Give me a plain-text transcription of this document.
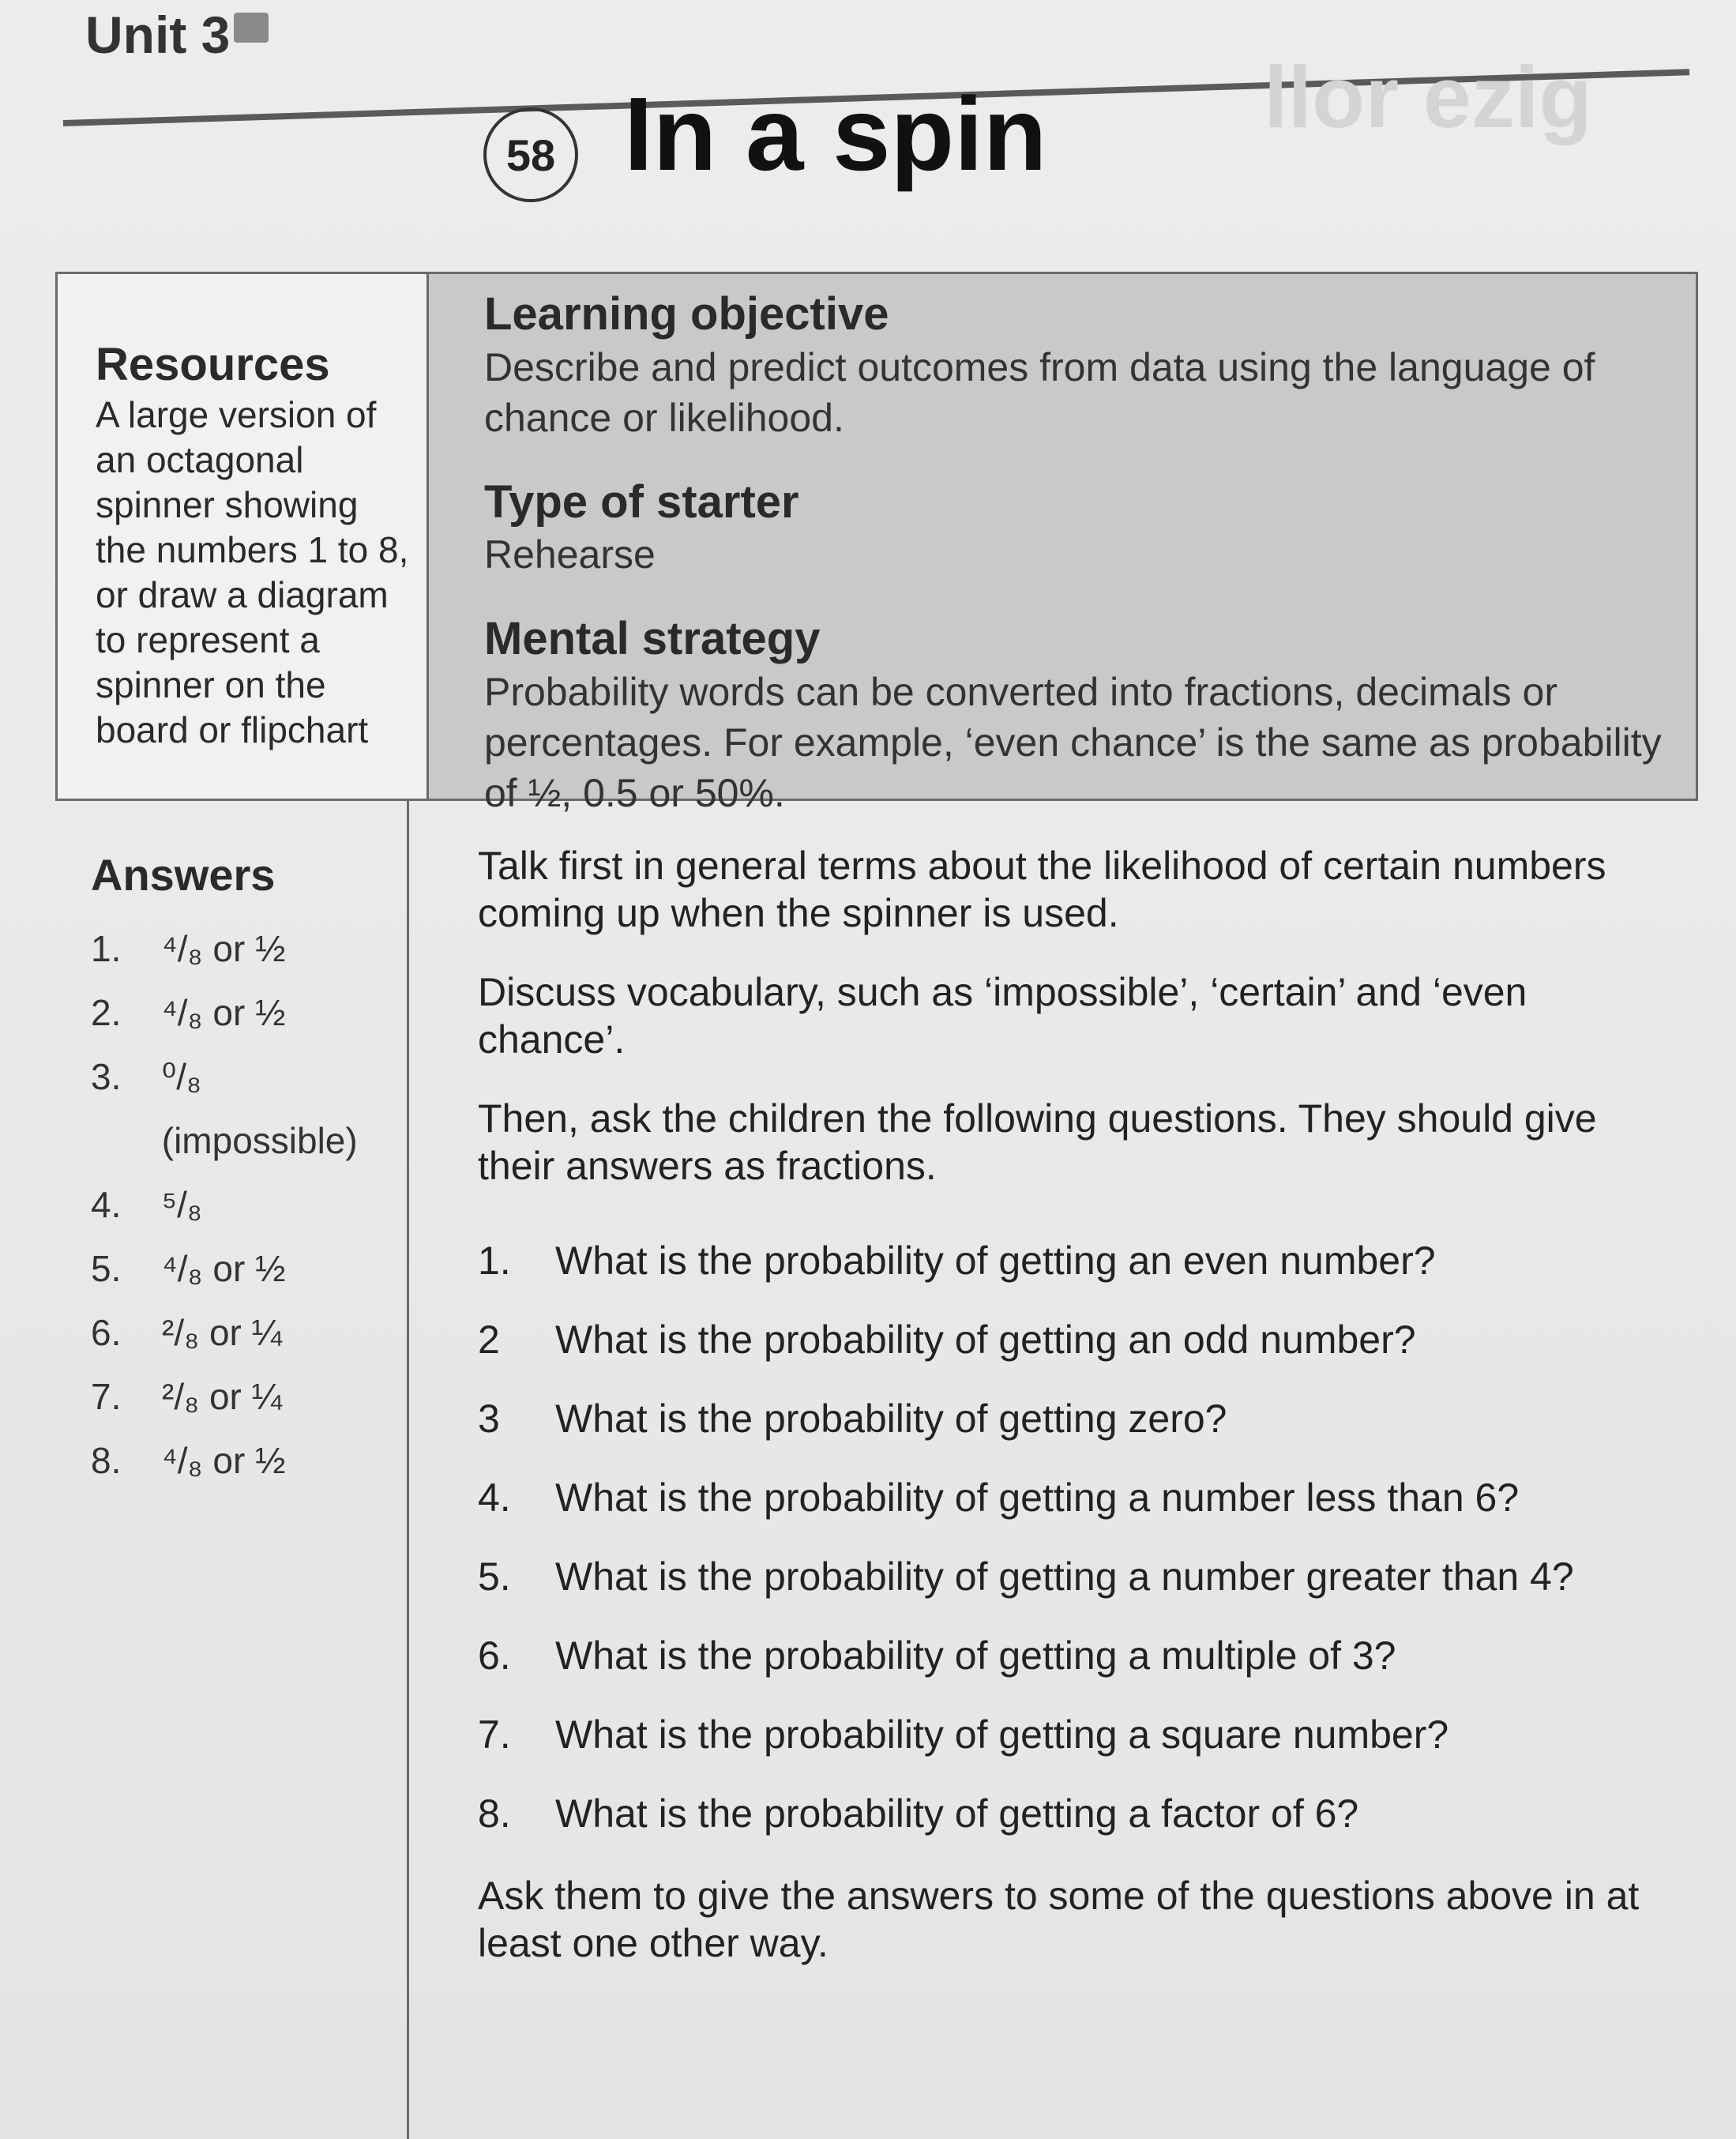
Unit 3
llor ezig
58 In a spin
Resources
A large version of an octagonal spinner showing the numbers 1 to 8, or draw a diagram to represent a spinner on the board or flipchart
Learning objective
Describe and predict outcomes from data using the language of chance or likelihood.
Type of starter
Rehearse
Mental strategy
Probability words can be converted into fractions, decimals or percentages. For example, ‘even chance’ is the same as probability of ½, 0.5 or 50%.
Answers
1.	⁴/₈ or ½
2.	⁴/₈ or ½
3.	⁰/₈ (impossible)
4.	⁵/₈
5.	⁴/₈ or ½
6.	²/₈ or ¼
7.	²/₈ or ¼
8.	⁴/₈ or ½
Talk first in general terms about the likelihood of certain numbers coming up when the spinner is used.
Discuss vocabulary, such as ‘impossible’, ‘certain’ and ‘even chance’.
Then, ask the children the following questions. They should give their answers as fractions.
1.	What is the probability of getting an even number?
2	What is the probability of getting an odd number?
3	What is the probability of getting zero?
4.	What is the probability of getting a number less than 6?
5.	What is the probability of getting a number greater than 4?
6.	What is the probability of getting a multiple of 3?
7.	What is the probability of getting a square number?
8.	What is the probability of getting a factor of 6?
Ask them to give the answers to some of the questions above in at least one other way.
